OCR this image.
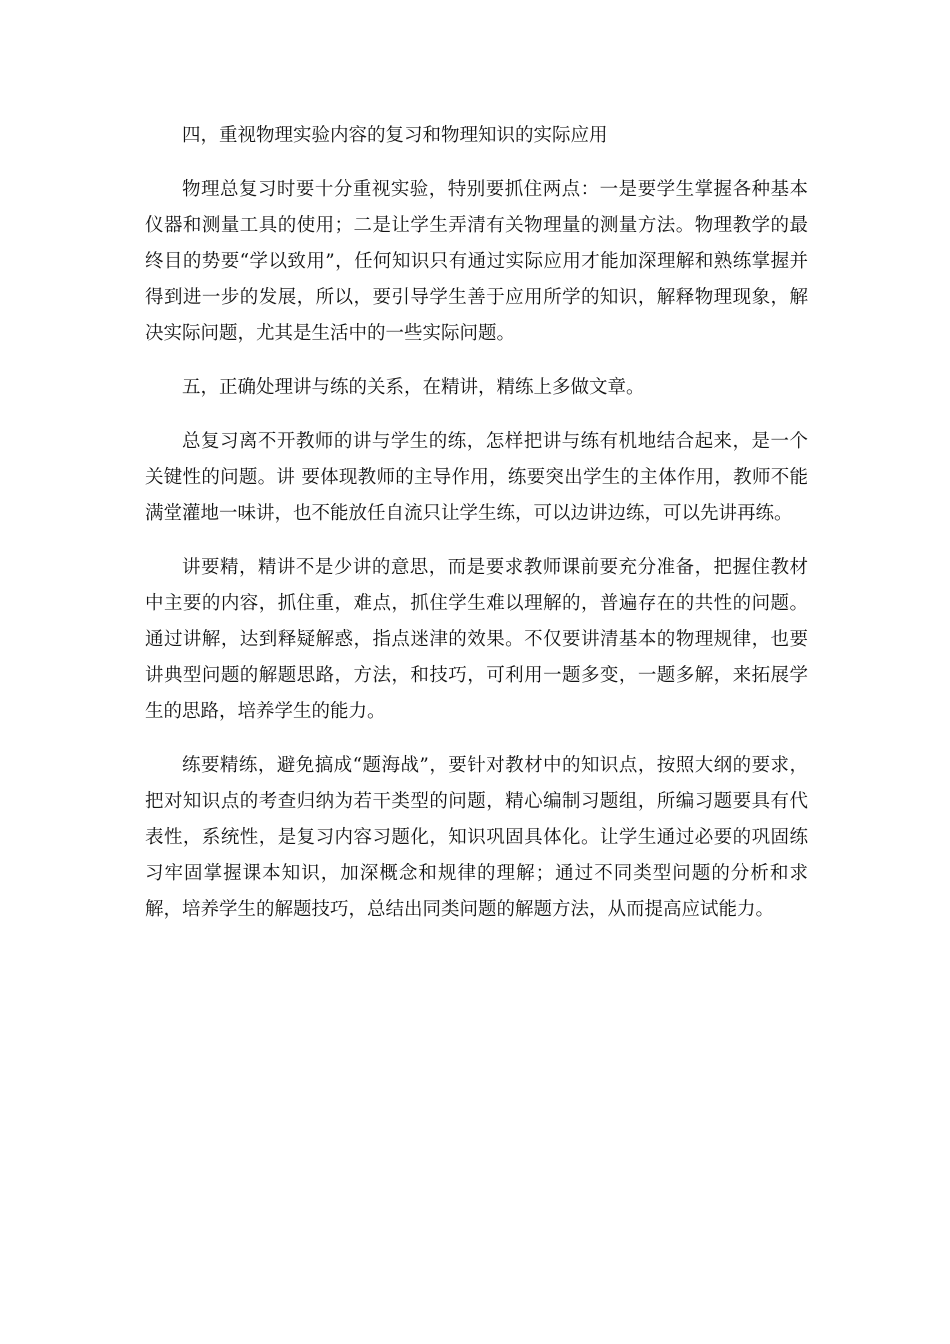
四，重视物理实验内容的复习和物理知识的实际应用

物理总复习时要十分重视实验，特别要抓住两点：一是要学生掌握各种基本仪器和测量工具的使用；二是让学生弄清有关物理量的测量方法。物理教学的最终目的势要“学以致用”，任何知识只有通过实际应用才能加深理解和熟练掌握并得到进一步的发展，所以，要引导学生善于应用所学的知识，解释物理现象，解决实际问题，尤其是生活中的一些实际问题。

五，正确处理讲与练的关系，在精讲，精练上多做文章。

总复习离不开教师的讲与学生的练，怎样把讲与练有机地结合起来，是一个关键性的问题。讲 要体现教师的主导作用，练要突出学生的主体作用，教师不能满堂灌地一味讲，也不能放任自流只让学生练，可以边讲边练，可以先讲再练。

讲要精，精讲不是少讲的意思，而是要求教师课前要充分准备，把握住教材中主要的内容，抓住重，难点，抓住学生难以理解的，普遍存在的共性的问题。通过讲解，达到释疑解惑，指点迷津的效果。不仅要讲清基本的物理规律，也要讲典型问题的解题思路，方法，和技巧，可利用一题多变，一题多解，来拓展学生的思路，培养学生的能力。

练要精练，避免搞成“题海战”，要针对教材中的知识点，按照大纲的要求，把对知识点的考查归纳为若干类型的问题，精心编制习题组，所编习题要具有代表性，系统性，是复习内容习题化，知识巩固具体化。让学生通过必要的巩固练习牢固掌握课本知识，加深概念和规律的理解；通过不同类型问题的分析和求解，培养学生的解题技巧，总结出同类问题的解题方法，从而提高应试能力。
